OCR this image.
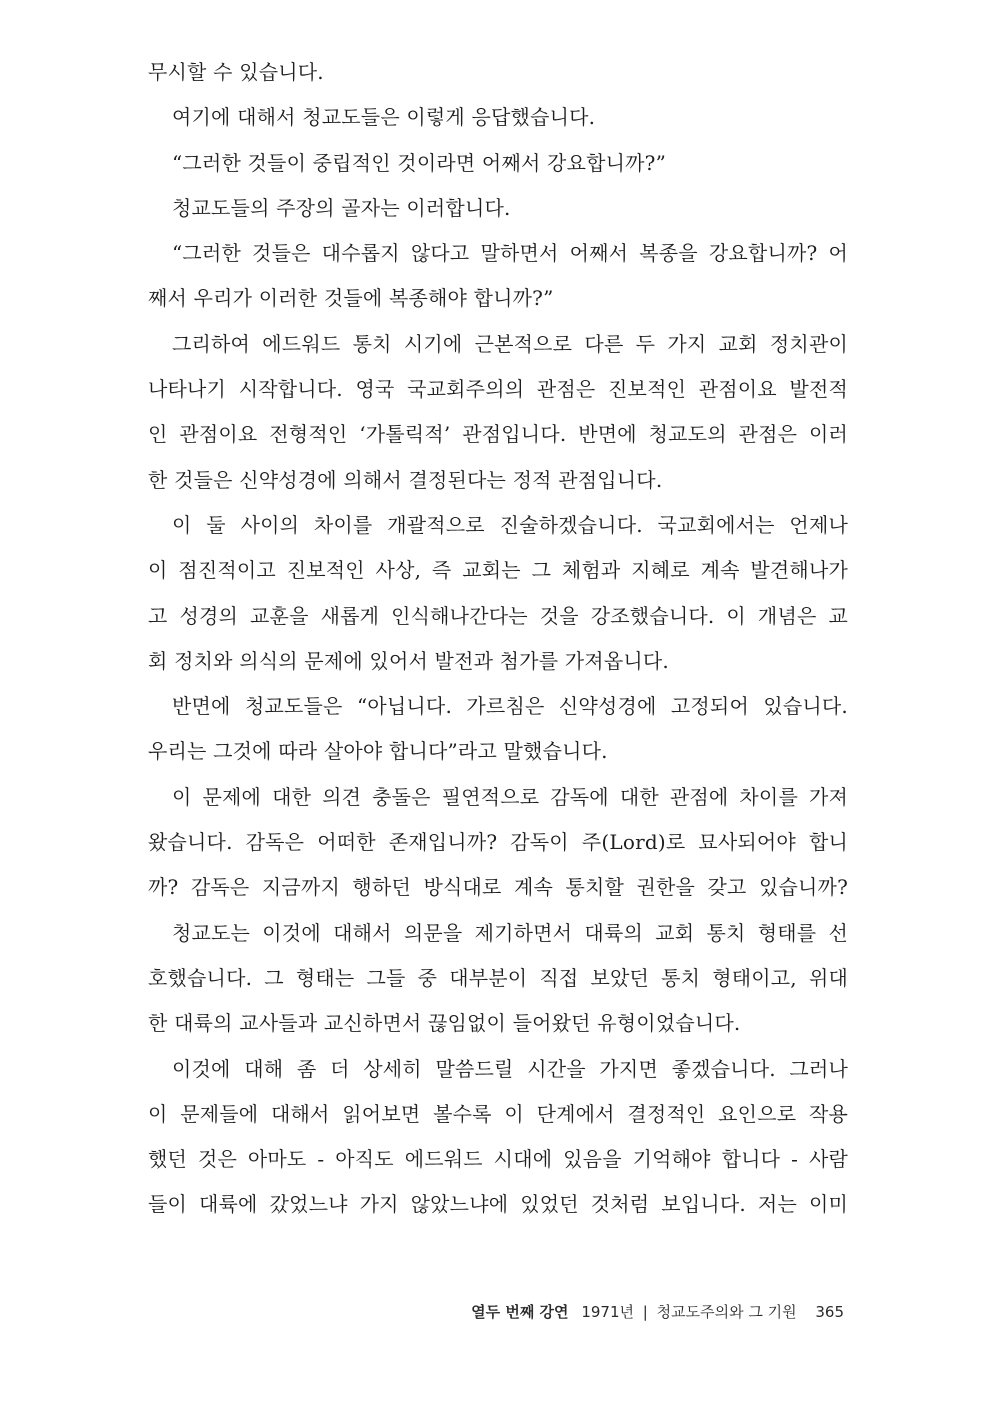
무시할 수 있습니다.
여기에 대해서 청교도들은 이렇게 응답했습니다.
“그러한 것들이 중립적인 것이라면 어째서 강요합니까?”
청교도들의 주장의 골자는 이러합니다.
“그러한 것들은 대수롭지 않다고 말하면서 어째서 복종을 강요합니까? 어
째서 우리가 이러한 것들에 복종해야 합니까?”
그리하여 에드워드 통치 시기에 근본적으로 다른 두 가지 교회 정치관이
나타나기 시작합니다. 영국 국교회주의의 관점은 진보적인 관점이요 발전적
인 관점이요 전형적인 ‘가톨릭적’ 관점입니다. 반면에 청교도의 관점은 이러
한 것들은 신약성경에 의해서 결정된다는 정적 관점입니다.
이 둘 사이의 차이를 개괄적으로 진술하겠습니다. 국교회에서는 언제나
이 점진적이고 진보적인 사상, 즉 교회는 그 체험과 지혜로 계속 발견해나가
고 성경의 교훈을 새롭게 인식해나간다는 것을 강조했습니다. 이 개념은 교
회 정치와 의식의 문제에 있어서 발전과 첨가를 가져옵니다.
반면에 청교도들은 “아닙니다. 가르침은 신약성경에 고정되어 있습니다.
우리는 그것에 따라 살아야 합니다”라고 말했습니다.
이 문제에 대한 의견 충돌은 필연적으로 감독에 대한 관점에 차이를 가져
왔습니다. 감독은 어떠한 존재입니까? 감독이 주(Lord)로 묘사되어야 합니
까? 감독은 지금까지 행하던 방식대로 계속 통치할 권한을 갖고 있습니까?
청교도는 이것에 대해서 의문을 제기하면서 대륙의 교회 통치 형태를 선
호했습니다. 그 형태는 그들 중 대부분이 직접 보았던 통치 형태이고, 위대
한 대륙의 교사들과 교신하면서 끊임없이 들어왔던 유형이었습니다.
이것에 대해 좀 더 상세히 말씀드릴 시간을 가지면 좋겠습니다. 그러나
이 문제들에 대해서 읽어보면 볼수록 이 단계에서 결정적인 요인으로 작용
했던 것은 아마도 - 아직도 에드워드 시대에 있음을 기억해야 합니다 - 사람
들이 대륙에 갔었느냐 가지 않았느냐에 있었던 것처럼 보입니다. 저는 이미
열두 번째 강연 1971년 | 청교도주의와 그 기원 365
